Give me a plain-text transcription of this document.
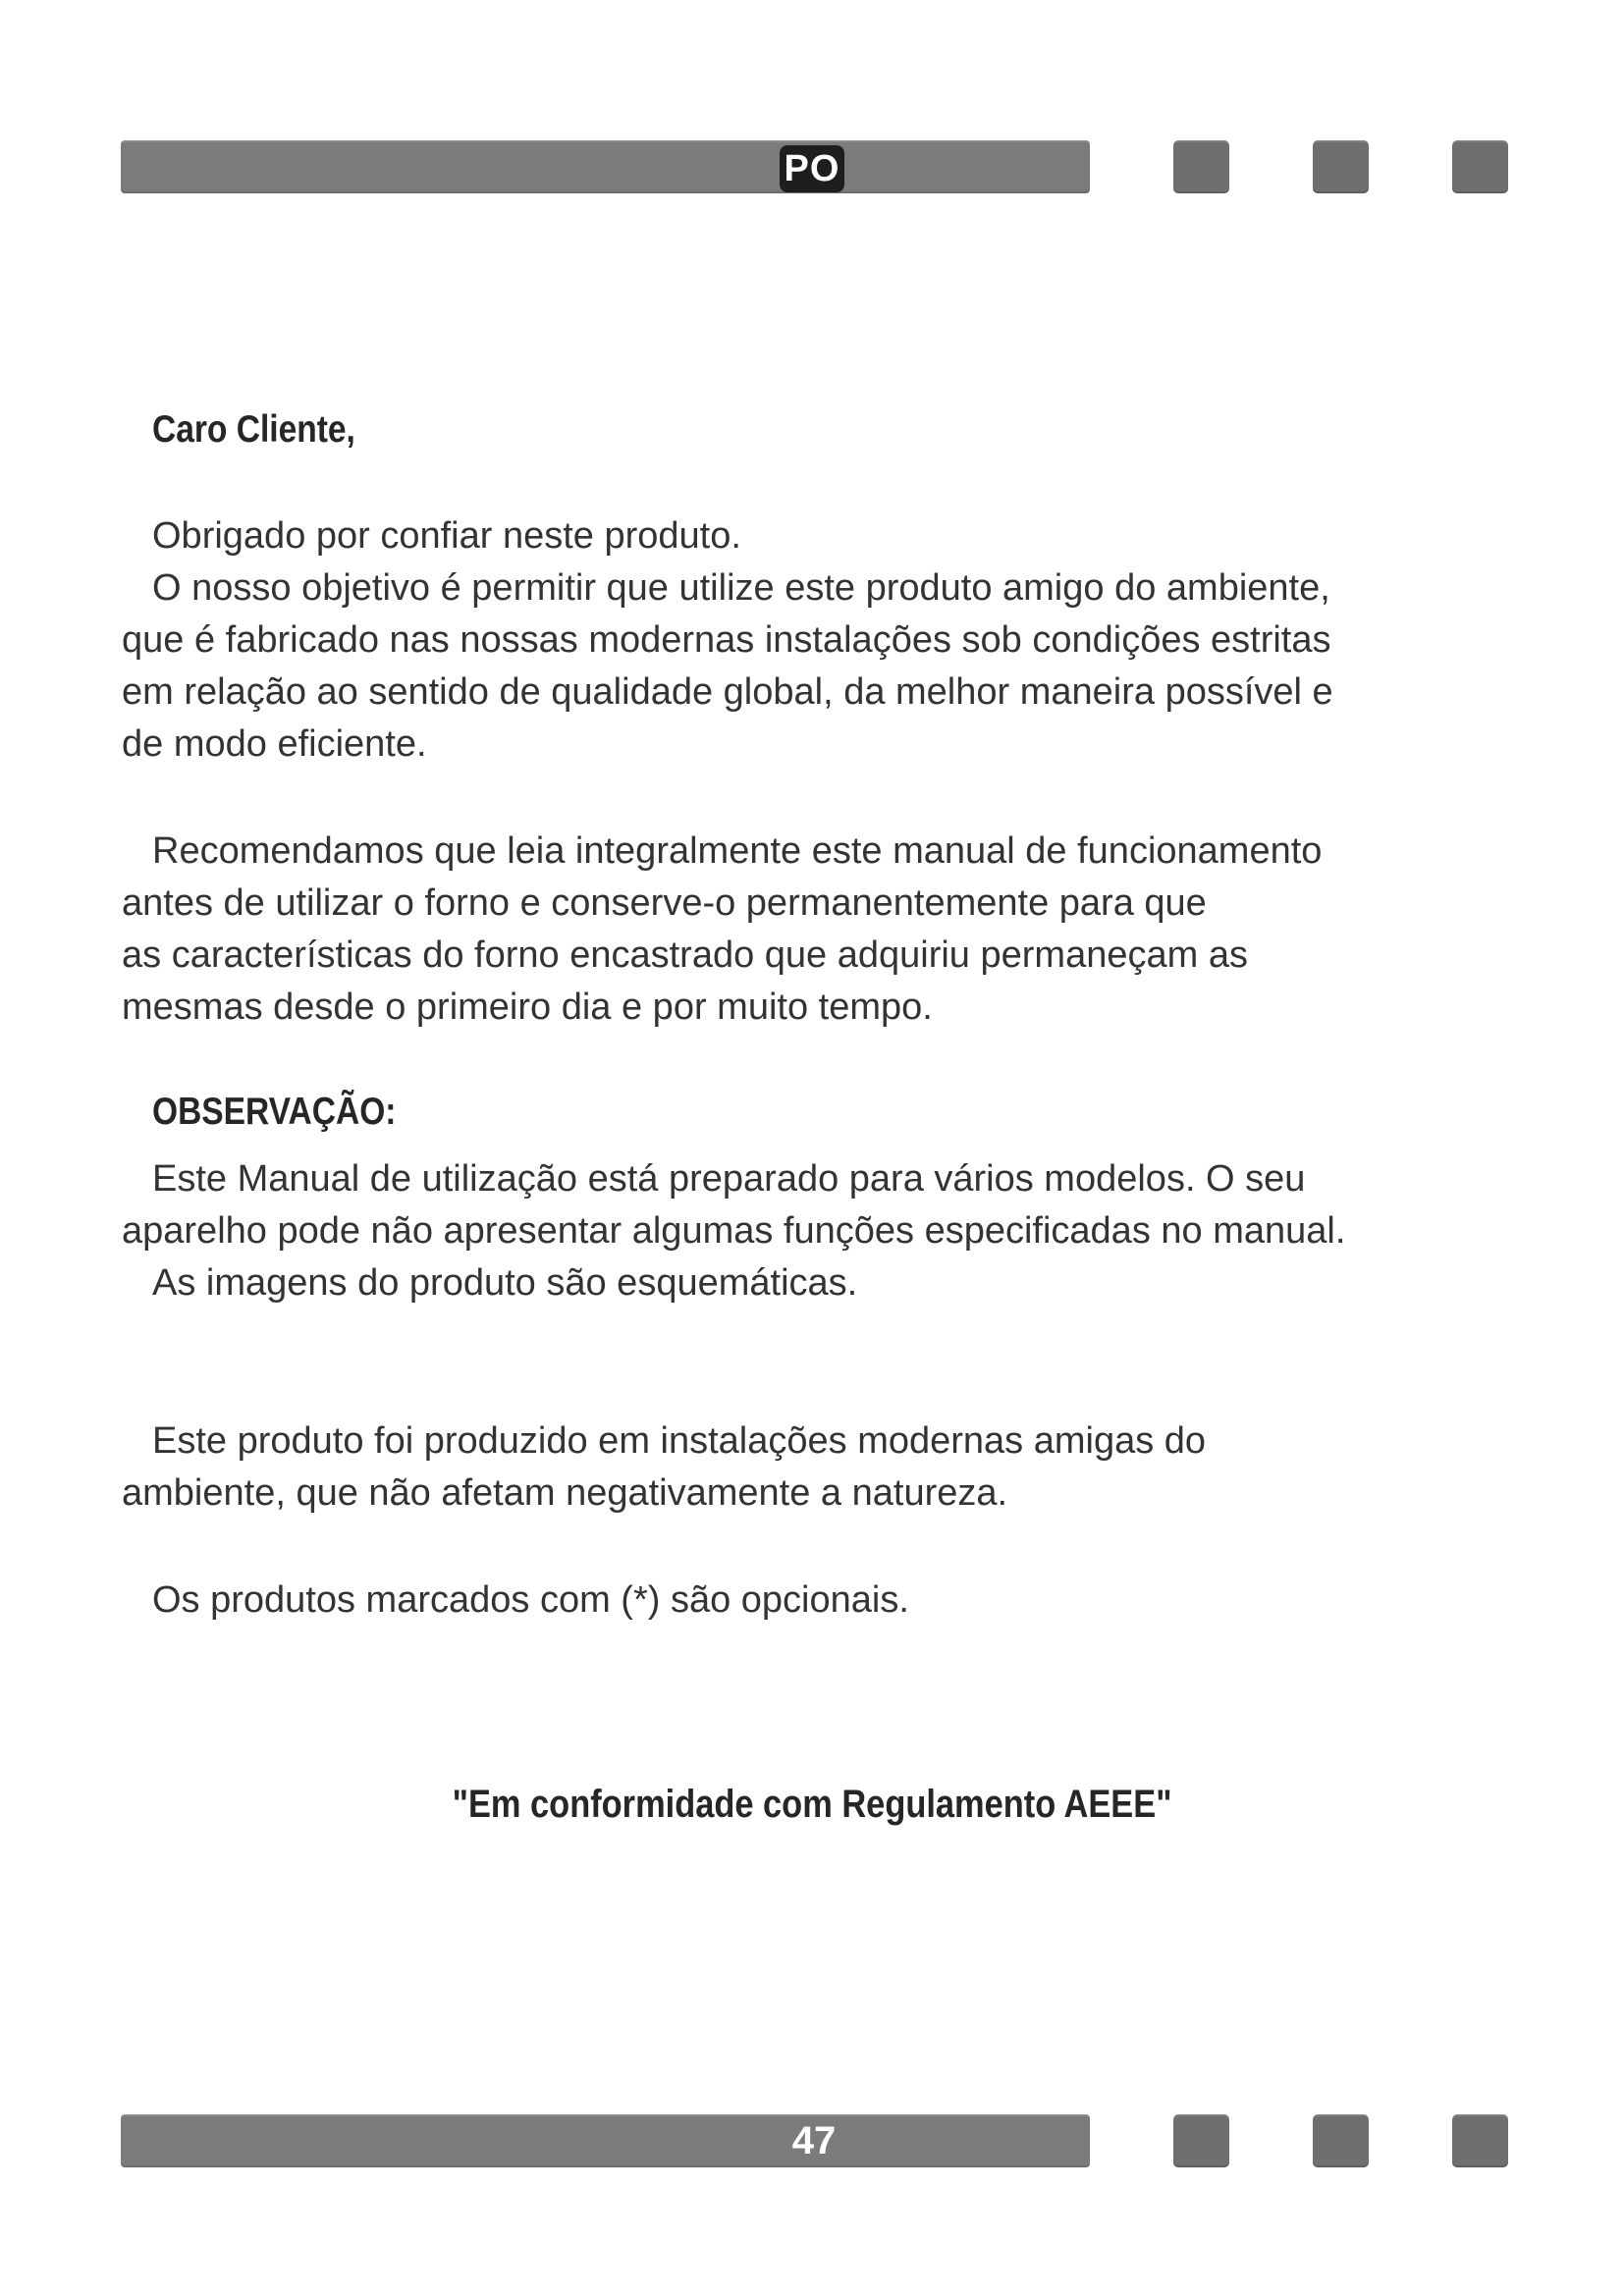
PO
Caro Cliente,
Obrigado por confiar neste produto.
O nosso objetivo é permitir que utilize este produto amigo do ambiente,
que é fabricado nas nossas modernas instalações sob condições estritas
em relação ao sentido de qualidade global, da melhor maneira possível e
de modo eficiente.
Recomendamos que leia integralmente este manual de funcionamento
antes de utilizar o forno e conserve-o permanentemente para que
as características do forno encastrado que adquiriu permaneçam as
mesmas desde o primeiro dia e por muito tempo.
OBSERVAÇÃO:
Este Manual de utilização está preparado para vários modelos. O seu
aparelho pode não apresentar algumas funções especificadas no manual.
As imagens do produto são esquemáticas.
Este produto foi produzido em instalações modernas amigas do
ambiente, que não afetam negativamente a natureza.
Os produtos marcados com (*) são opcionais.
"Em conformidade com Regulamento AEEE"
47
